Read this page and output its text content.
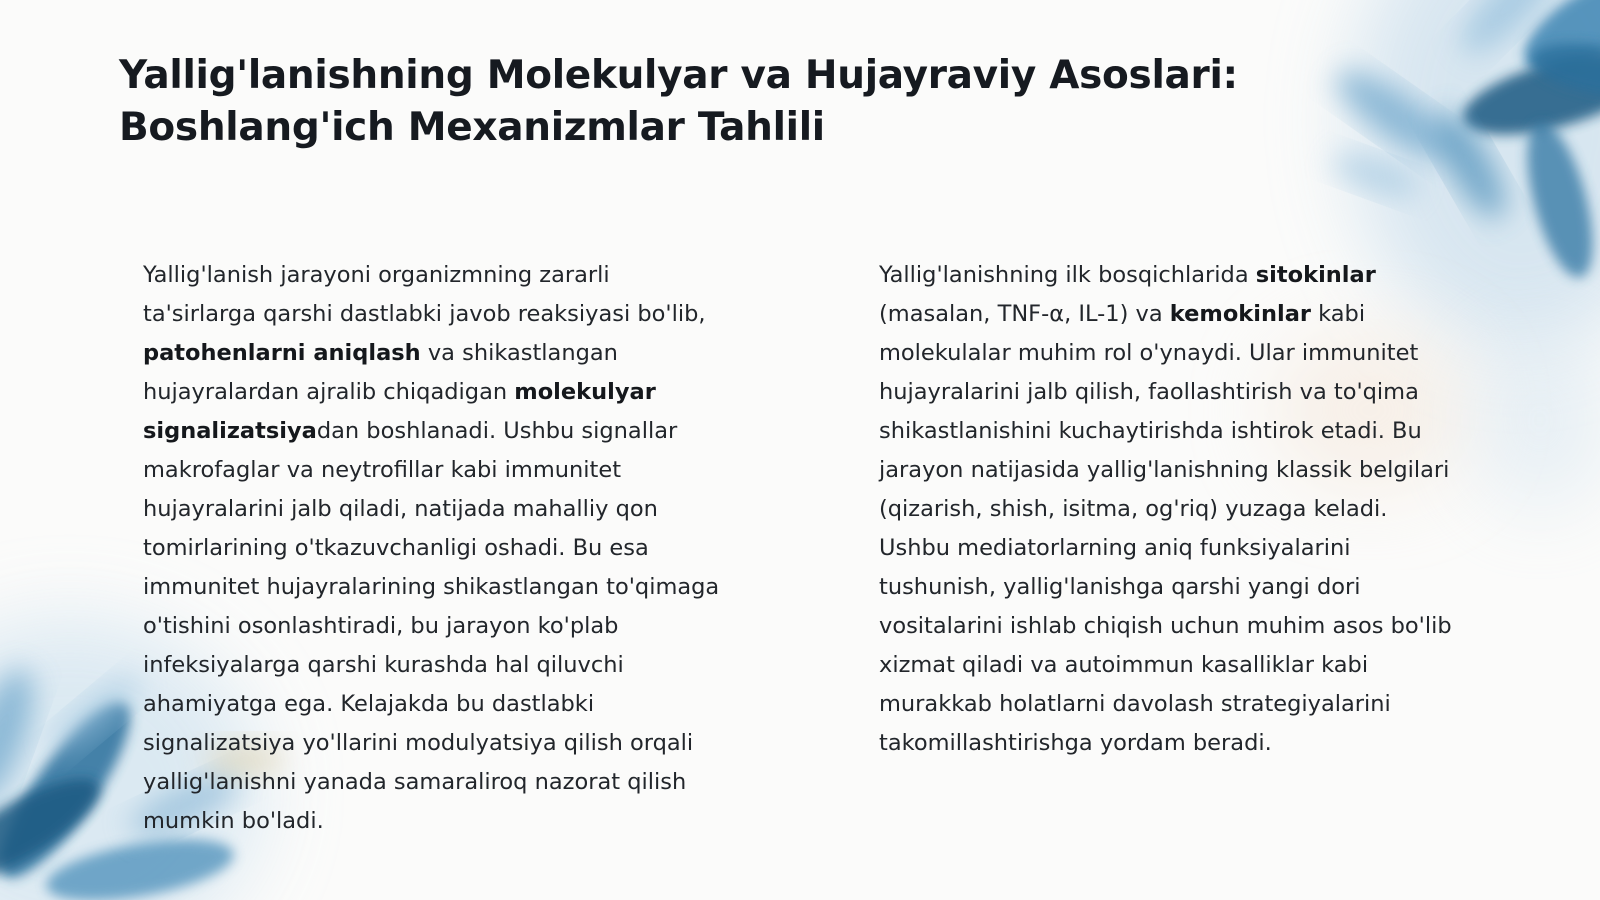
Yallig'lanishning Molekulyar va Hujayraviy Asoslari:
Boshlang'ich Mexanizmlar Tahlili

Yallig'lanish jarayoni organizmning zararli ta'sirlarga qarshi dastlabki javob reaksiyasi bo'lib, patohenlarni aniqlash va shikastlangan hujayralardan ajralib chiqadigan molekulyar signalizatsiyadan boshlanadi. Ushbu signallar makrofaglar va neytrofillar kabi immunitet hujayralarini jalb qiladi, natijada mahalliy qon tomirlarining o'tkazuvchanligi oshadi. Bu esa immunitet hujayralarining shikastlangan to'qimaga o'tishini osonlashtiradi, bu jarayon ko'plab infeksiyalarga qarshi kurashda hal qiluvchi ahamiyatga ega. Kelajakda bu dastlabki signalizatsiya yo'llarini modulyatsiya qilish orqali yallig'lanishni yanada samaraliroq nazorat qilish mumkin bo'ladi.

Yallig'lanishning ilk bosqichlarida sitokinlar (masalan, TNF-α, IL-1) va kemokinlar kabi molekulalar muhim rol o'ynaydi. Ular immunitet hujayralarini jalb qilish, faollashtirish va to'qima shikastlanishini kuchaytirishda ishtirok etadi. Bu jarayon natijasida yallig'lanishning klassik belgilari (qizarish, shish, isitma, og'riq) yuzaga keladi. Ushbu mediatorlarning aniq funksiyalarini tushunish, yallig'lanishga qarshi yangi dori vositalarini ishlab chiqish uchun muhim asos bo'lib xizmat qiladi va autoimmun kasalliklar kabi murakkab holatlarni davolash strategiyalarini takomillashtirishga yordam beradi.
